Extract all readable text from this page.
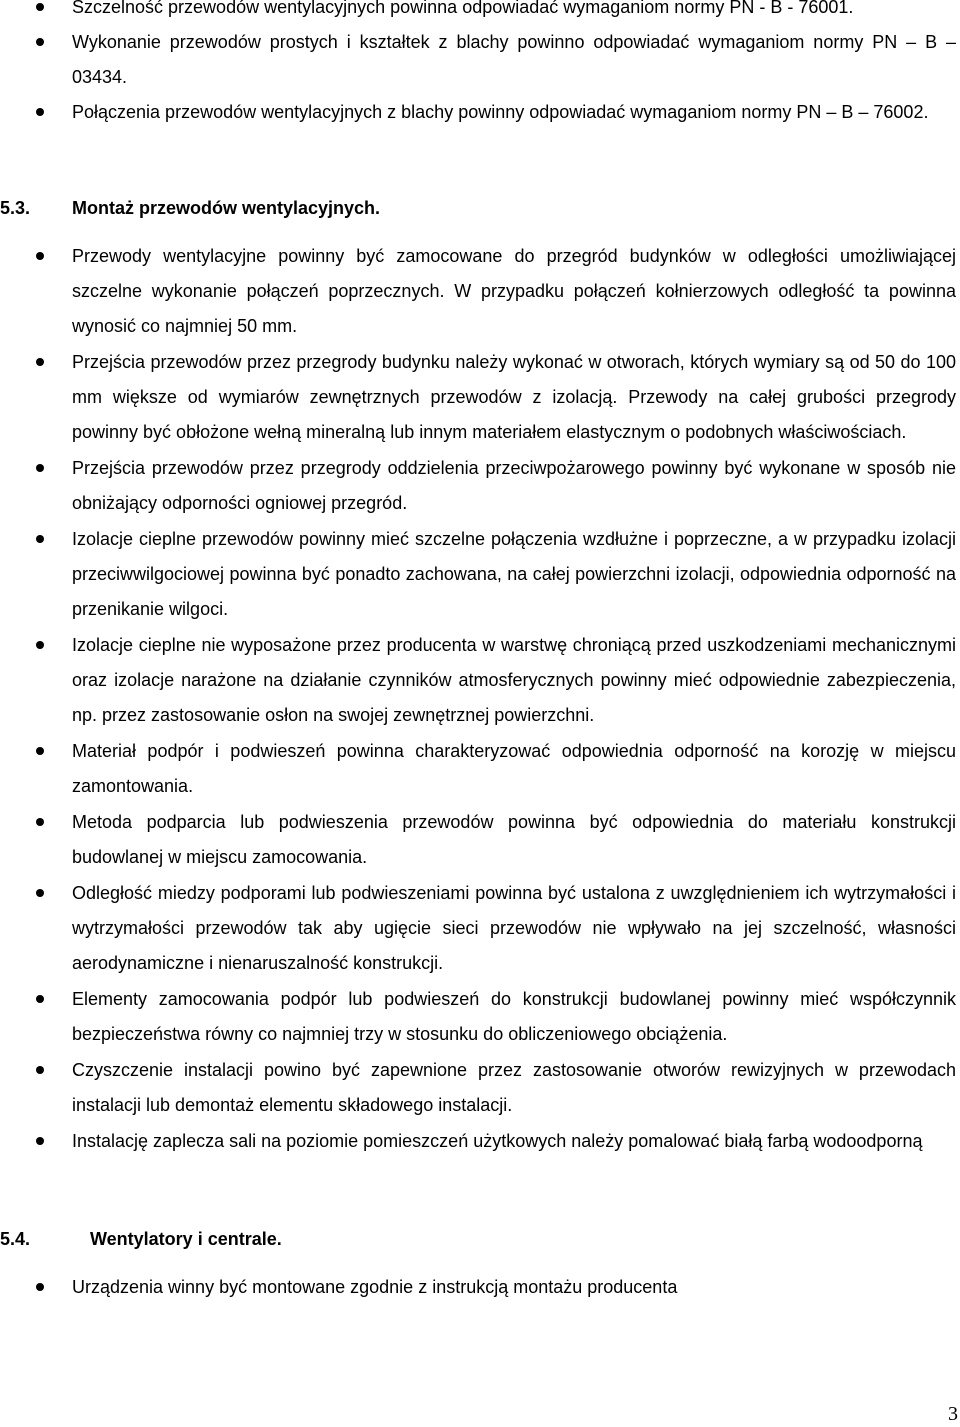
Szczelność przewodów wentylacyjnych powinna odpowiadać wymaganiom normy PN - B - 76001.
Wykonanie przewodów prostych i kształtek z blachy powinno odpowiadać wymaganiom normy PN – B – 03434.
Połączenia przewodów wentylacyjnych z blachy powinny odpowiadać wymaganiom normy PN – B – 76002.
5.3. Montaż przewodów wentylacyjnych.
Przewody wentylacyjne powinny być zamocowane do przegród budynków w odległości umożliwiającej szczelne wykonanie połączeń poprzecznych. W przypadku połączeń kołnierzowych odległość ta powinna wynosić co najmniej 50 mm.
Przejścia przewodów przez przegrody budynku należy wykonać w otworach, których wymiary są od 50 do 100 mm większe od wymiarów zewnętrznych przewodów z izolacją. Przewody na całej grubości przegrody powinny być obłożone wełną mineralną lub innym materiałem elastycznym o podobnych właściwościach.
Przejścia przewodów przez przegrody oddzielenia przeciwpożarowego powinny być wykonane w sposób nie obniżający odporności ogniowej przegród.
Izolacje cieplne przewodów powinny mieć szczelne połączenia wzdłużne i poprzeczne, a w przypadku izolacji przeciwwilgociowej powinna być ponadto zachowana, na całej powierzchni izolacji, odpowiednia odporność na przenikanie wilgoci.
Izolacje cieplne nie wyposażone przez producenta w warstwę chroniącą przed uszkodzeniami mechanicznymi oraz izolacje narażone na działanie czynników atmosferycznych powinny mieć odpowiednie zabezpieczenia, np. przez zastosowanie osłon na swojej zewnętrznej powierzchni.
Materiał podpór i podwieszeń powinna charakteryzować odpowiednia odporność na korozję w miejscu zamontowania.
Metoda podparcia lub podwieszenia przewodów powinna być odpowiednia do materiału konstrukcji budowlanej w miejscu zamocowania.
Odległość miedzy podporami lub podwieszeniami powinna być ustalona z uwzględnieniem ich wytrzymałości i wytrzymałości przewodów tak aby ugięcie sieci przewodów nie wpływało na jej szczelność, własności aerodynamiczne i nienaruszalność konstrukcji.
Elementy zamocowania podpór lub podwieszeń do konstrukcji budowlanej powinny mieć współczynnik bezpieczeństwa równy co najmniej trzy w stosunku do obliczeniowego obciążenia.
Czyszczenie instalacji powino być zapewnione przez zastosowanie otworów rewizyjnych w przewodach instalacji lub demontaż elementu składowego instalacji.
Instalację zaplecza sali na poziomie pomieszczeń użytkowych należy pomalować białą farbą wodoodporną
5.4.	Wentylatory i centrale.
Urządzenia winny być montowane zgodnie z instrukcją montażu producenta
3
